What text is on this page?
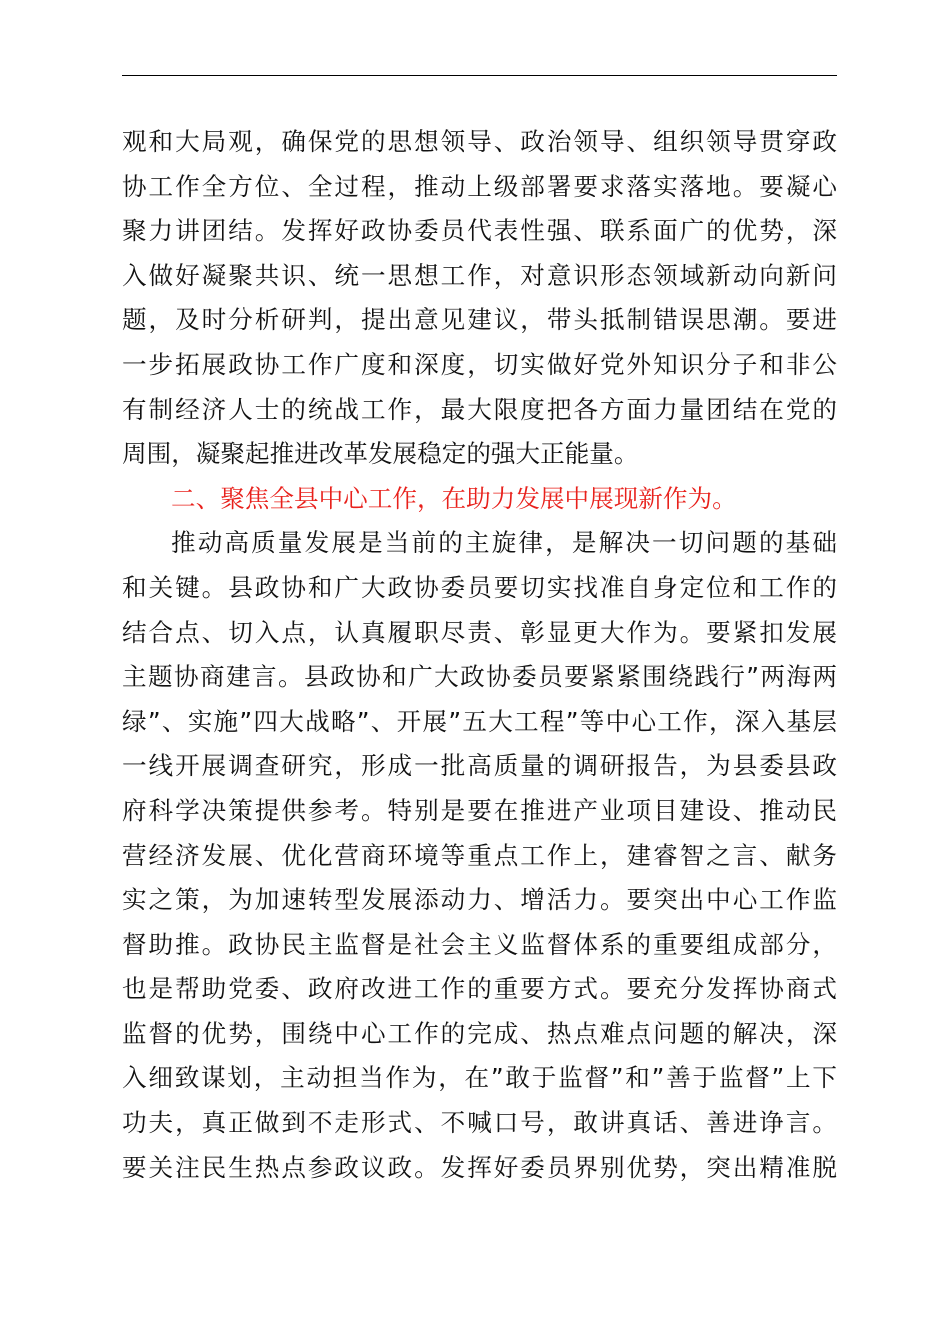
观和大局观，确保党的思想领导、政治领导、组织领导贯穿政
协工作全方位、全过程，推动上级部署要求落实落地。要凝心
聚力讲团结。发挥好政协委员代表性强、联系面广的优势，深
入做好凝聚共识、统一思想工作，对意识形态领域新动向新问
题，及时分析研判，提出意见建议，带头抵制错误思潮。要进
一步拓展政协工作广度和深度，切实做好党外知识分子和非公
有制经济人士的统战工作，最大限度把各方面力量团结在党的
周围，凝聚起推进改革发展稳定的强大正能量。
二、聚焦全县中心工作，在助力发展中展现新作为。
推动高质量发展是当前的主旋律，是解决一切问题的基础
和关键。县政协和广大政协委员要切实找准自身定位和工作的
结合点、切入点，认真履职尽责、彰显更大作为。要紧扣发展
主题协商建言。县政协和广大政协委员要紧紧围绕践行”两海两
绿”、实施”四大战略”、开展”五大工程”等中心工作，深入基层
一线开展调查研究，形成一批高质量的调研报告，为县委县政
府科学决策提供参考。特别是要在推进产业项目建设、推动民
营经济发展、优化营商环境等重点工作上，建睿智之言、献务
实之策，为加速转型发展添动力、增活力。要突出中心工作监
督助推。政协民主监督是社会主义监督体系的重要组成部分，
也是帮助党委、政府改进工作的重要方式。要充分发挥协商式
监督的优势，围绕中心工作的完成、热点难点问题的解决，深
入细致谋划，主动担当作为，在”敢于监督”和”善于监督”上下
功夫，真正做到不走形式、不喊口号，敢讲真话、善进诤言。
要关注民生热点参政议政。发挥好委员界别优势，突出精准脱
